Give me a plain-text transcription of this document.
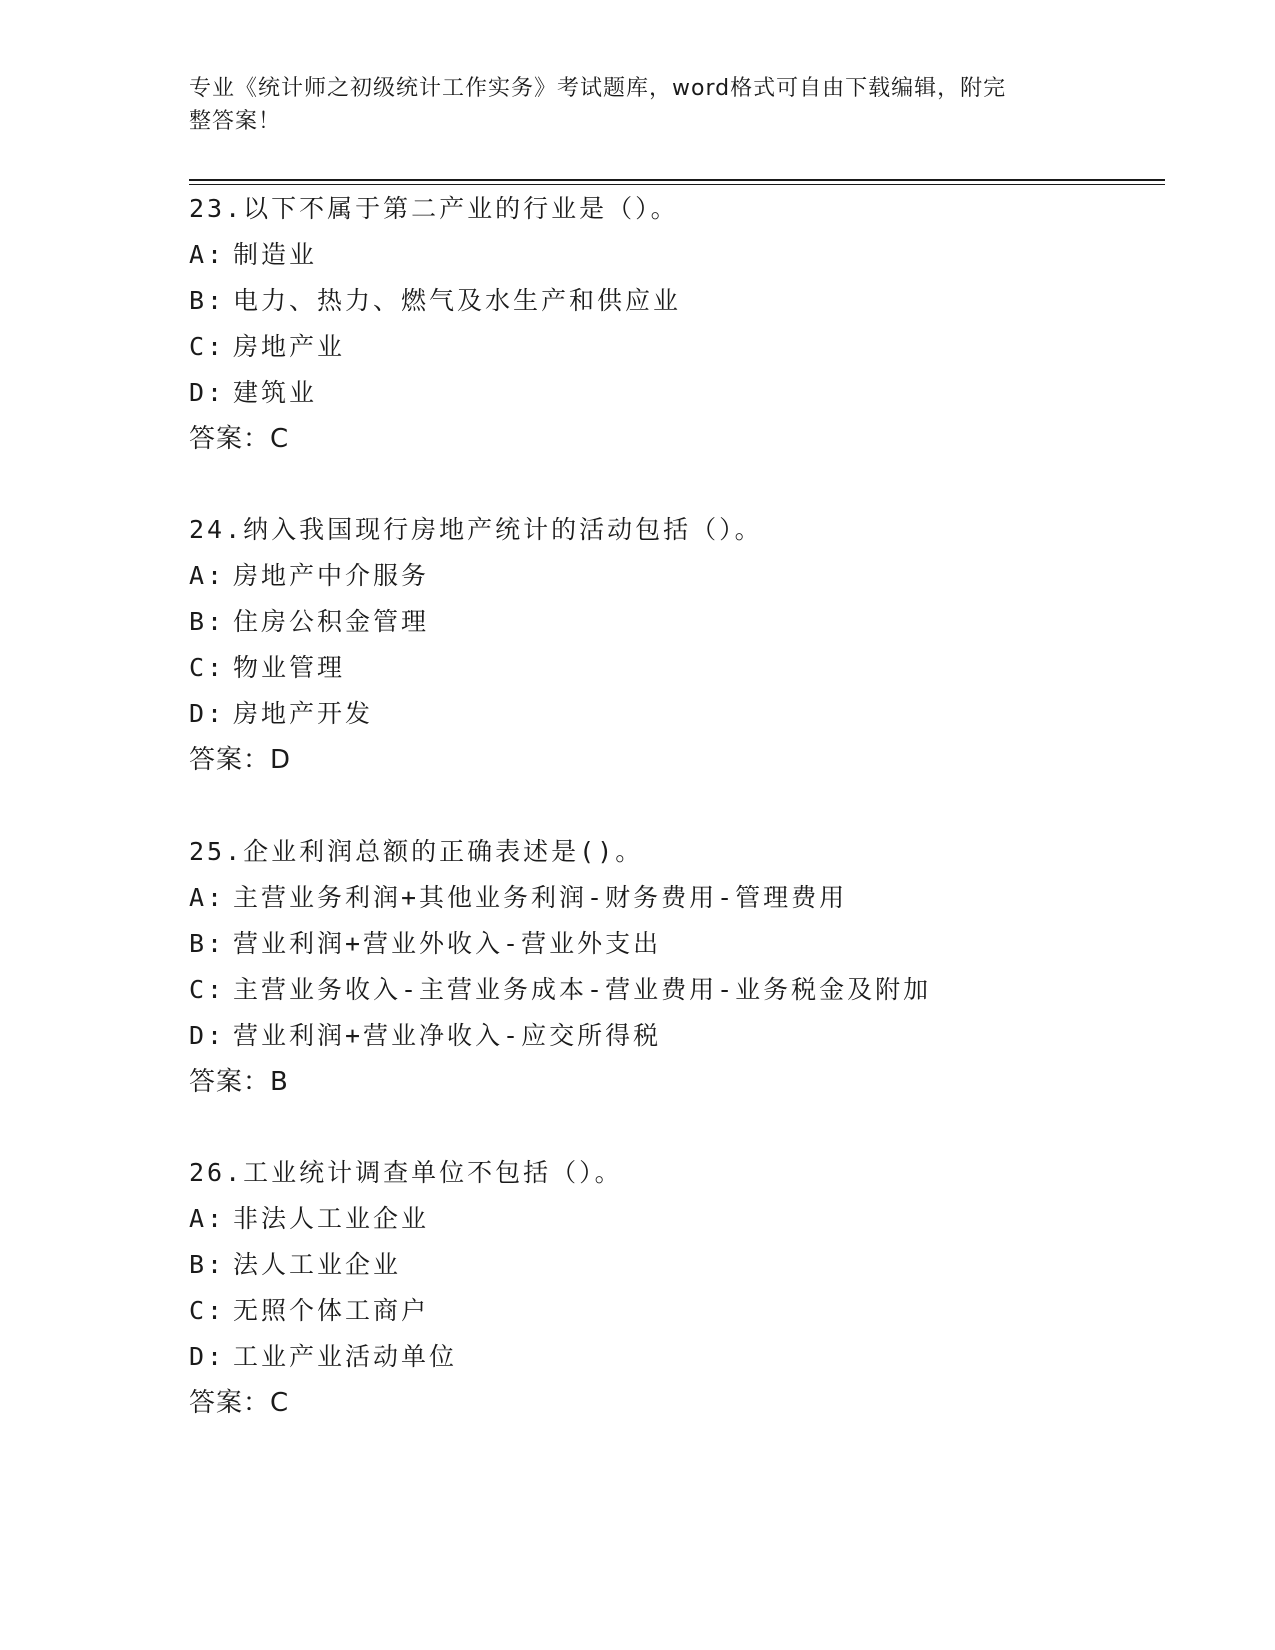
专业《统计师之初级统计工作实务》考试题库，word格式可自由下载编辑，附完
整答案！
23.以下不属于第二产业的行业是（）。
A: 制造业
B: 电力、热力、燃气及水生产和供应业
C: 房地产业
D: 建筑业
答案：C
24.纳入我国现行房地产统计的活动包括（）。
A: 房地产中介服务
B: 住房公积金管理
C: 物业管理
D: 房地产开发
答案：D
25.企业利润总额的正确表述是()。
A: 主营业务利润+其他业务利润-财务费用-管理费用
B: 营业利润+营业外收入-营业外支出
C: 主营业务收入-主营业务成本-营业费用-业务税金及附加
D: 营业利润+营业净收入-应交所得税
答案：B
26.工业统计调查单位不包括（）。
A: 非法人工业企业
B: 法人工业企业
C: 无照个体工商户
D: 工业产业活动单位
答案：C
